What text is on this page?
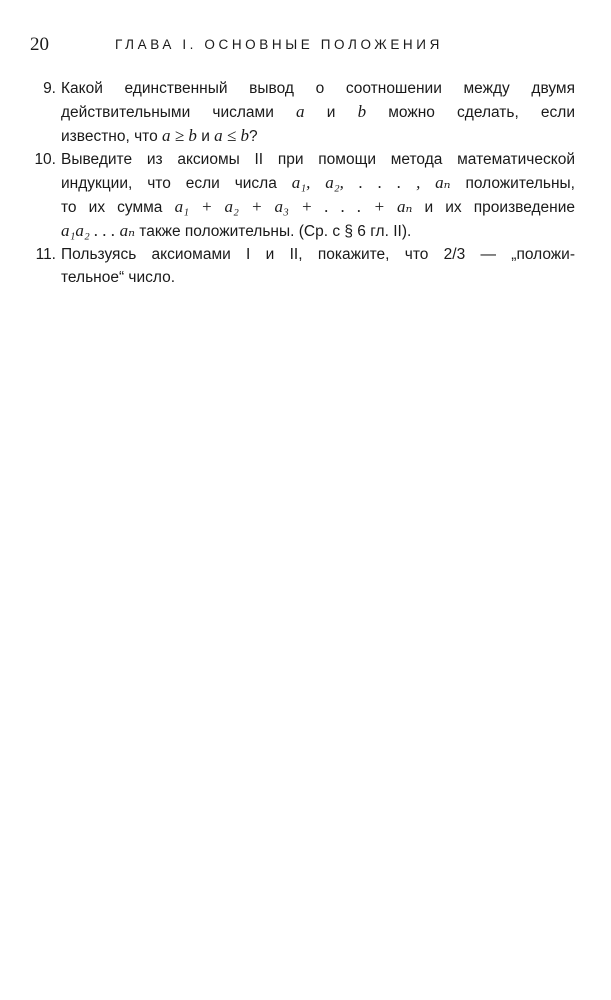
20	ГЛАВА I. ОСНОВНЫЕ ПОЛОЖЕНИЯ
9. Какой единственный вывод о соотношении между двумя
действительными числами a и b можно сделать, если
известно, что a ≥ b и a ≤ b?
10. Выведите из аксиомы II при помощи метода математической
индукции, что если числа a₁, a₂, . . . , aₙ положительны,
то их сумма a₁ + a₂ + a₃ + . . . + aₙ и их произведение
a₁a₂ . . . aₙ также положительны. (Ср. с § 6 гл. II).
11. Пользуясь аксиомами I и II, покажите, что 2/3 — „положи-
тельное“ число.
